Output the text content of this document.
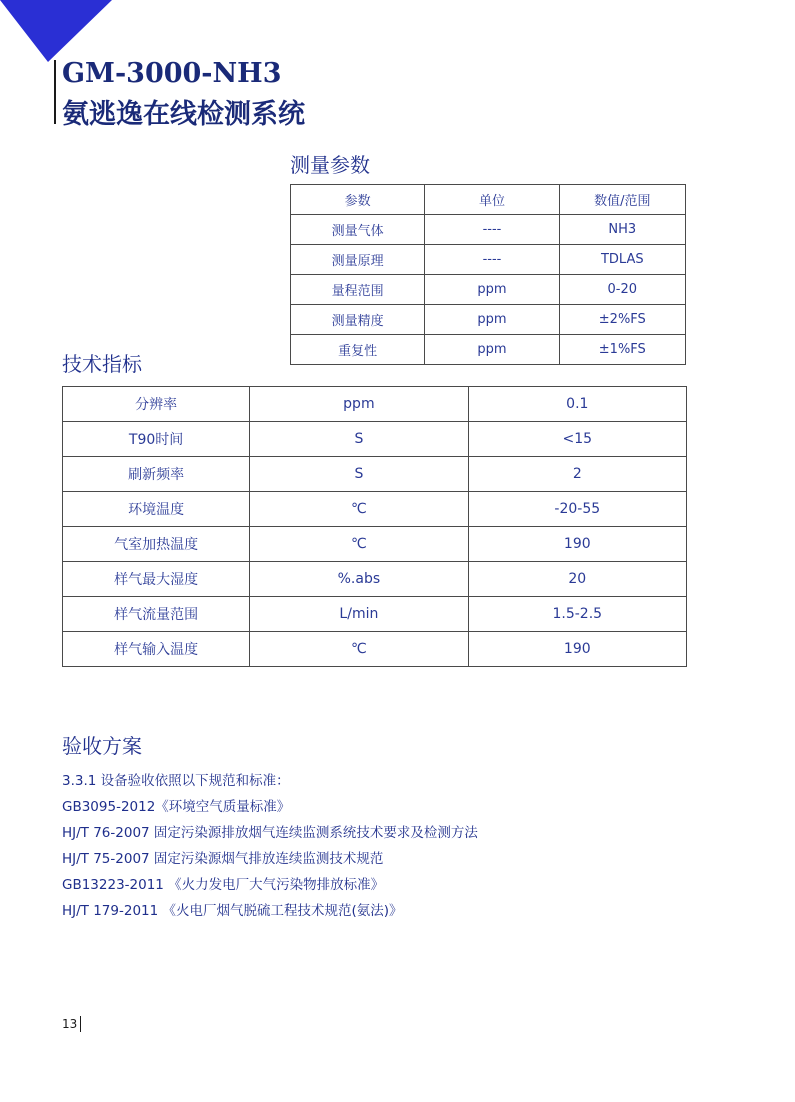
GM-3000-NH3
氨逃逸在线检测系统
测量参数
参数	单位	数值/范围
测量气体	----	NH3
测量原理	----	TDLAS
量程范围	ppm	0-20
测量精度	ppm	±2%FS
重复性	ppm	±1%FS
技术指标
分辨率	ppm	0.1
T90时间	S	<15
刷新频率	S	2
环境温度	℃	-20-55
气室加热温度	℃	190
样气最大湿度	%.abs	20
样气流量范围	L/min	1.5-2.5
样气输入温度	℃	190
验收方案
3.3.1 设备验收依照以下规范和标准：
GB3095-2012《环境空气质量标准》
HJ/T 76-2007 固定污染源排放烟气连续监测系统技术要求及检测方法
HJ/T 75-2007 固定污染源烟气排放连续监测技术规范
GB13223-2011 《火力发电厂大气污染物排放标准》
HJ/T 179-2011 《火电厂烟气脱硫工程技术规范(氨法)》
13
